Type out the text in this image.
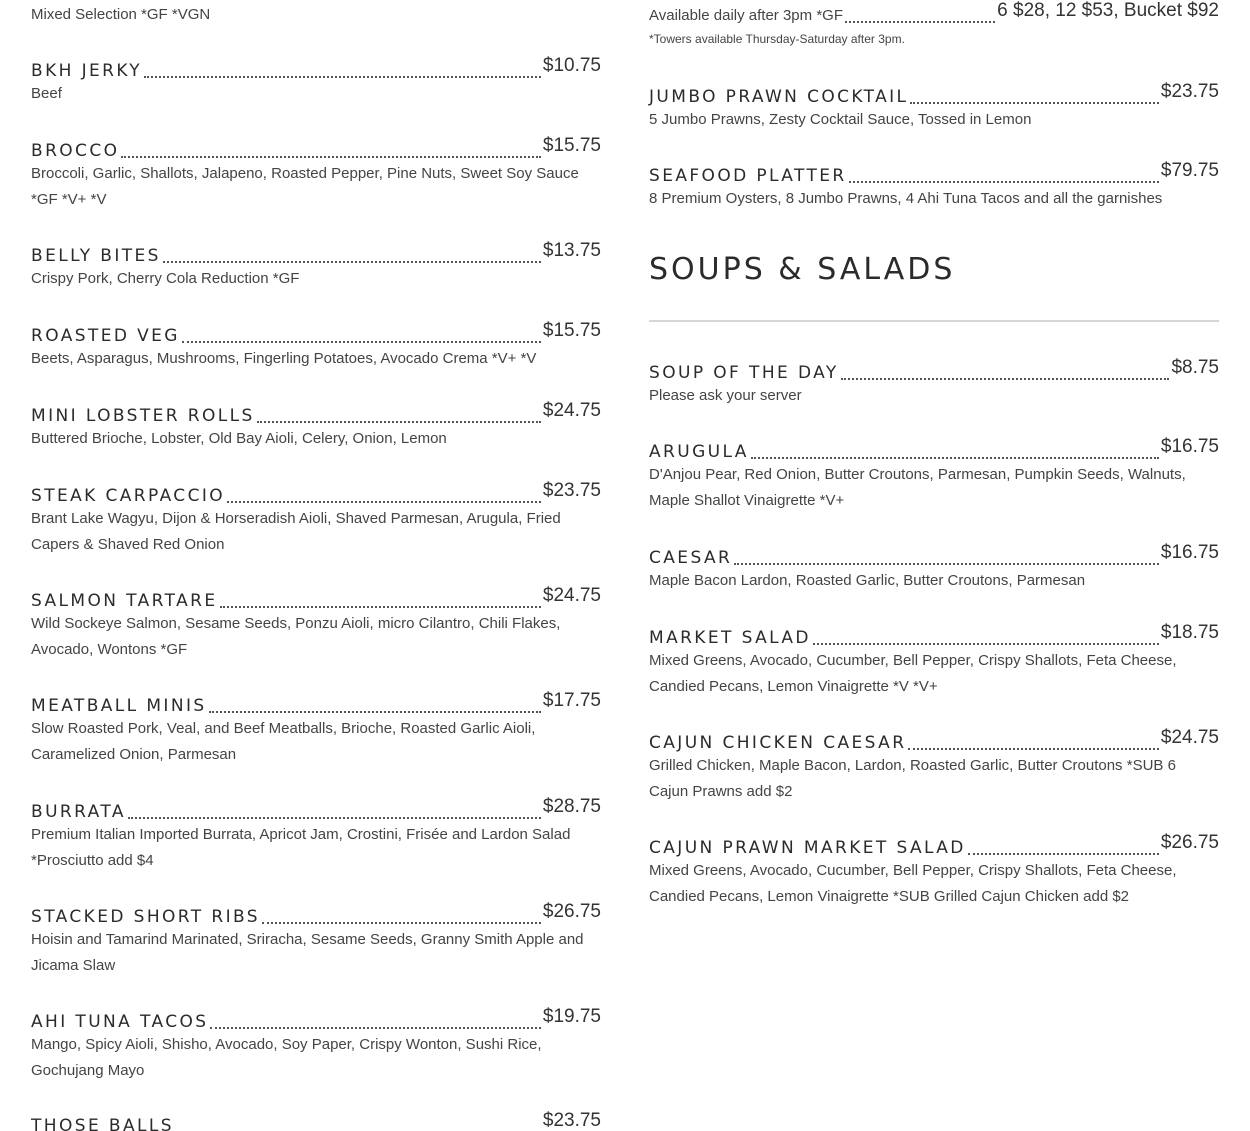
Mixed Selection *GF *VGN
BKH JERKY	$10.75
Beef
BROCCO	$15.75
Broccoli, Garlic, Shallots, Jalapeno, Roasted Pepper, Pine Nuts, Sweet Soy Sauce *GF *V+ *V
BELLY BITES	$13.75
Crispy Pork, Cherry Cola Reduction *GF
ROASTED VEG	$15.75
Beets, Asparagus, Mushrooms, Fingerling Potatoes, Avocado Crema *V+ *V
MINI LOBSTER ROLLS	$24.75
Buttered Brioche, Lobster, Old Bay Aioli, Celery, Onion, Lemon
STEAK CARPACCIO	$23.75
Brant Lake Wagyu, Dijon & Horseradish Aioli, Shaved Parmesan, Arugula, Fried Capers & Shaved Red Onion
SALMON TARTARE	$24.75
Wild Sockeye Salmon, Sesame Seeds, Ponzu Aioli, micro Cilantro, Chili Flakes, Avocado, Wontons *GF
MEATBALL MINIS	$17.75
Slow Roasted Pork, Veal, and Beef Meatballs, Brioche, Roasted Garlic Aioli, Caramelized Onion, Parmesan
BURRATA	$28.75
Premium Italian Imported Burrata, Apricot Jam, Crostini, Frisée and Lardon Salad *Prosciutto add $4
STACKED SHORT RIBS	$26.75
Hoisin and Tamarind Marinated, Sriracha, Sesame Seeds, Granny Smith Apple and Jicama Slaw
AHI TUNA TACOS	$19.75
Mango, Spicy Aioli, Shisho, Avocado, Soy Paper, Crispy Wonton, Sushi Rice, Gochujang Mayo
THOSE BALLS	$23.75
Available daily after 3pm *GF	6 $28, 12 $53, Bucket $92
*Towers available Thursday-Saturday after 3pm.
JUMBO PRAWN COCKTAIL	$23.75
5 Jumbo Prawns, Zesty Cocktail Sauce, Tossed in Lemon
SEAFOOD PLATTER	$79.75
8 Premium Oysters, 8 Jumbo Prawns, 4 Ahi Tuna Tacos and all the garnishes
SOUPS & SALADS
SOUP OF THE DAY	$8.75
Please ask your server
ARUGULA	$16.75
D'Anjou Pear, Red Onion, Butter Croutons, Parmesan, Pumpkin Seeds, Walnuts, Maple Shallot Vinaigrette *V+
CAESAR	$16.75
Maple Bacon Lardon, Roasted Garlic, Butter Croutons, Parmesan
MARKET SALAD	$18.75
Mixed Greens, Avocado, Cucumber, Bell Pepper, Crispy Shallots, Feta Cheese, Candied Pecans, Lemon Vinaigrette *V *V+
CAJUN CHICKEN CAESAR	$24.75
Grilled Chicken, Maple Bacon, Lardon, Roasted Garlic, Butter Croutons *SUB 6 Cajun Prawns add $2
CAJUN PRAWN MARKET SALAD	$26.75
Mixed Greens, Avocado, Cucumber, Bell Pepper, Crispy Shallots, Feta Cheese, Candied Pecans, Lemon Vinaigrette *SUB Grilled Cajun Chicken add $2
